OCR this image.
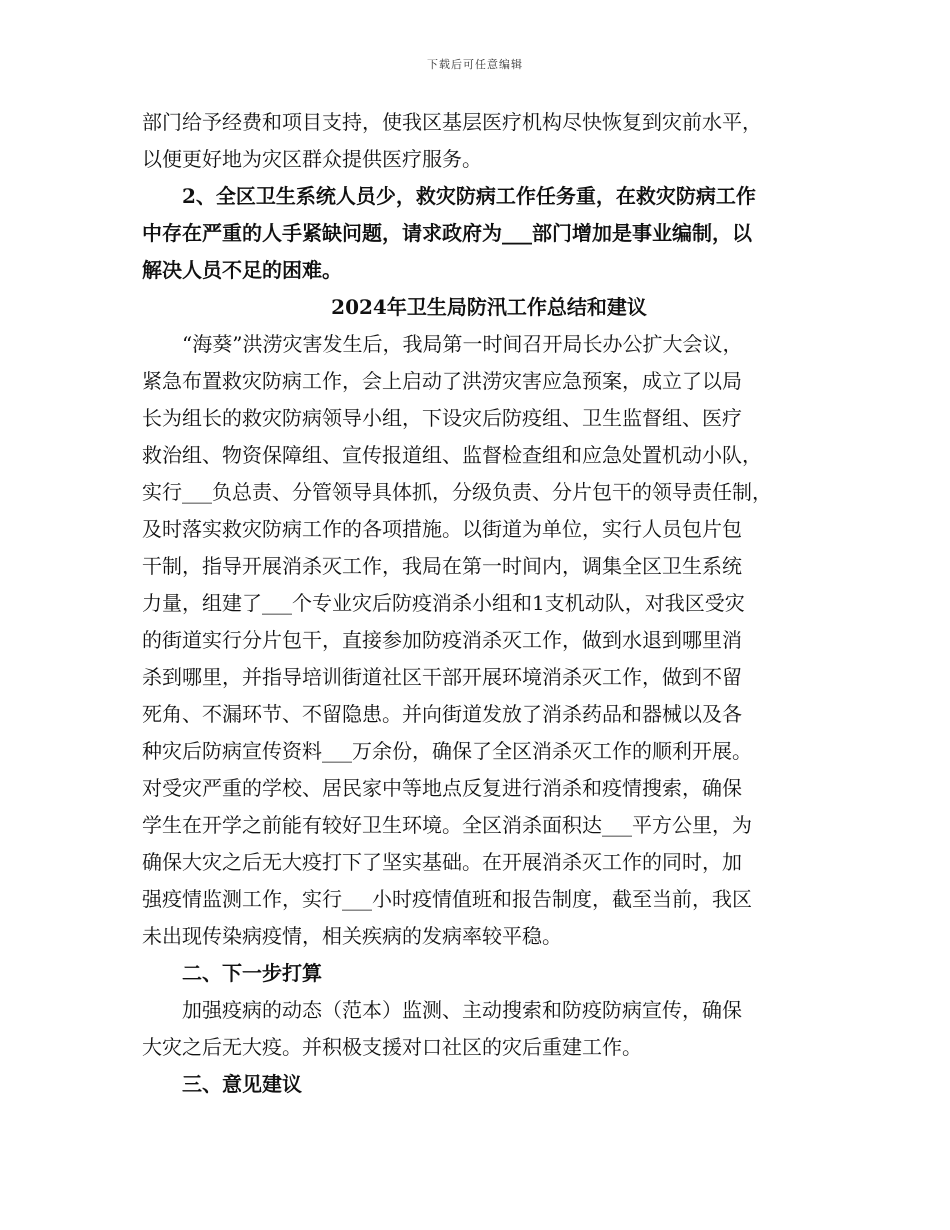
下载后可任意编辑
部门给予经费和项目支持，使我区基层医疗机构尽快恢复到灾前水平，
以便更好地为灾区群众提供医疗服务。
　　2、全区卫生系统人员少，救灾防病工作任务重，在救灾防病工作
中存在严重的人手紧缺问题，请求政府为___部门增加是事业编制，以
解决人员不足的困难。
2024年卫生局防汛工作总结和建议
　　“海葵”洪涝灾害发生后，我局第一时间召开局长办公扩大会议，
紧急布置救灾防病工作，会上启动了洪涝灾害应急预案，成立了以局
长为组长的救灾防病领导小组，下设灾后防疫组、卫生监督组、医疗
救治组、物资保障组、宣传报道组、监督检查组和应急处置机动小队，
实行___负总责、分管领导具体抓，分级负责、分片包干的领导责任制，
及时落实救灾防病工作的各项措施。以街道为单位，实行人员包片包
干制，指导开展消杀灭工作，我局在第一时间内，调集全区卫生系统
力量，组建了___个专业灾后防疫消杀小组和1支机动队，对我区受灾
的街道实行分片包干，直接参加防疫消杀灭工作，做到水退到哪里消
杀到哪里，并指导培训街道社区干部开展环境消杀灭工作，做到不留
死角、不漏环节、不留隐患。并向街道发放了消杀药品和器械以及各
种灾后防病宣传资料___万余份，确保了全区消杀灭工作的顺利开展。
对受灾严重的学校、居民家中等地点反复进行消杀和疫情搜索，确保
学生在开学之前能有较好卫生环境。全区消杀面积达___平方公里，为
确保大灾之后无大疫打下了坚实基础。在开展消杀灭工作的同时，加
强疫情监测工作，实行___小时疫情值班和报告制度，截至当前，我区
未出现传染病疫情，相关疾病的发病率较平稳。
　　二、下一步打算
　　加强疫病的动态（范本）监测、主动搜索和防疫防病宣传，确保
大灾之后无大疫。并积极支援对口社区的灾后重建工作。
　　三、意见建议
